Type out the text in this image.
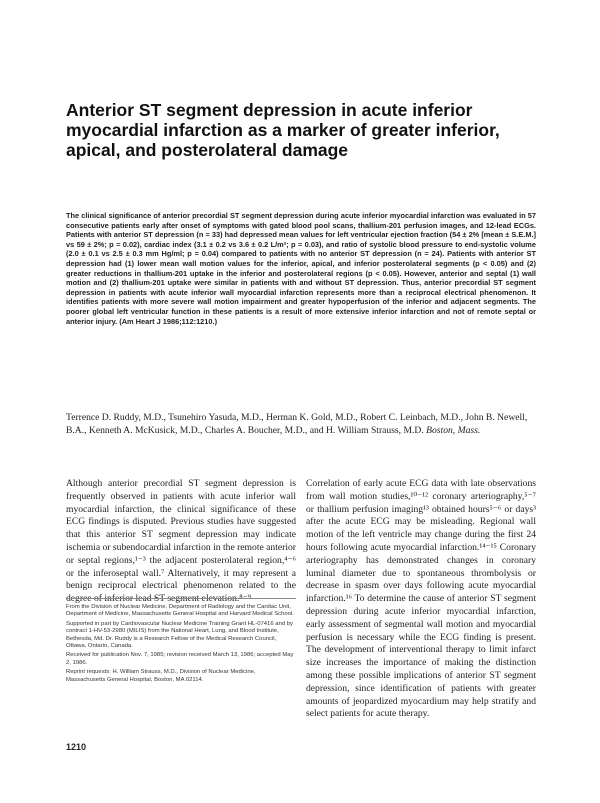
Anterior ST segment depression in acute inferior myocardial infarction as a marker of greater inferior, apical, and posterolateral damage

The clinical significance of anterior precordial ST segment depression during acute inferior myocardial infarction was evaluated in 57 consecutive patients early after onset of symptoms with gated blood pool scans, thallium-201 perfusion images, and 12-lead ECGs. Patients with anterior ST depression (n = 33) had depressed mean values for left ventricular ejection fraction (54 ± 2% [mean ± S.E.M.] vs 59 ± 2%; p = 0.02), cardiac index (3.1 ± 0.2 vs 3.6 ± 0.2 L/m²; p = 0.03), and ratio of systolic blood pressure to end-systolic volume (2.0 ± 0.1 vs 2.5 ± 0.3 mm Hg/ml; p = 0.04) compared to patients with no anterior ST depression (n = 24). Patients with anterior ST depression had (1) lower mean wall motion values for the inferior, apical, and inferior posterolateral segments (p < 0.05) and (2) greater reductions in thallium-201 uptake in the inferior and posterolateral regions (p < 0.05). However, anterior and septal (1) wall motion and (2) thallium-201 uptake were similar in patients with and without ST depression. Thus, anterior precordial ST segment depression in patients with acute inferior wall myocardial infarction represents more than a reciprocal electrical phenomenon. It identifies patients with more severe wall motion impairment and greater hypoperfusion of the inferior and adjacent segments. The poorer global left ventricular function in these patients is a result of more extensive inferior infarction and not of remote septal or anterior injury. (Am Heart J 1986;112:1210.)

Terrence D. Ruddy, M.D., Tsunehiro Yasuda, M.D., Herman K. Gold, M.D., Robert C. Leinbach, M.D., John B. Newell, B.A., Kenneth A. McKusick, M.D., Charles A. Boucher, M.D., and H. William Strauss, M.D. Boston, Mass.

Although anterior precordial ST segment depression is frequently observed in patients with acute inferior wall myocardial infarction, the clinical significance of these ECG findings is disputed. Previous studies have suggested that this anterior ST segment depression may indicate ischemia or subendocardial infarction in the remote anterior or septal regions,¹⁻³ the adjacent posterolateral region,⁴⁻⁶ or the inferoseptal wall.⁷ Alternatively, it may represent a benign reciprocal electrical phenomenon related to the degree of inferior lead ST segment elevation.⁸⁻⁹

From the Division of Nuclear Medicine, Department of Radiology and the Cardiac Unit, Department of Medicine, Massachusetts General Hospital and Harvard Medical School.

Supported in part by Cardiovascular Nuclear Medicine Training Grant HL-07416 and by contract 1-HV-53-2980 (MILIS) from the National Heart, Lung, and Blood Institute, Bethesda, Md. Dr. Ruddy is a Research Fellow of the Medical Research Council, Ottawa, Ontario, Canada.

Received for publication Nov. 7, 1985; revision received March 13, 1986; accepted May 2, 1986.

Reprint requests: H. William Strauss, M.D., Division of Nuclear Medicine, Massachusetts General Hospital, Boston, MA 02114.

Correlation of early acute ECG data with late observations from wall motion studies,¹⁰⁻¹² coronary arteriography,⁵⁻⁷ or thallium perfusion imaging¹³ obtained hours⁵⁻⁶ or days³ after the acute ECG may be misleading. Regional wall motion of the left ventricle may change during the first 24 hours following acute myocardial infarction.¹⁴⁻¹⁵ Coronary arteriography has demonstrated changes in coronary luminal diameter due to spontaneous thrombolysis or decrease in spasm over days following acute myocardial infarction.¹⁶ To determine the cause of anterior ST segment depression during acute inferior myocardial infarction, early assessment of segmental wall motion and myocardial perfusion is necessary while the ECG finding is present. The development of interventional therapy to limit infarct size increases the importance of making the distinction among these possible implications of anterior ST segment depression, since identification of patients with greater amounts of jeopardized myocardium may help stratify and select patients for acute therapy.

1210
